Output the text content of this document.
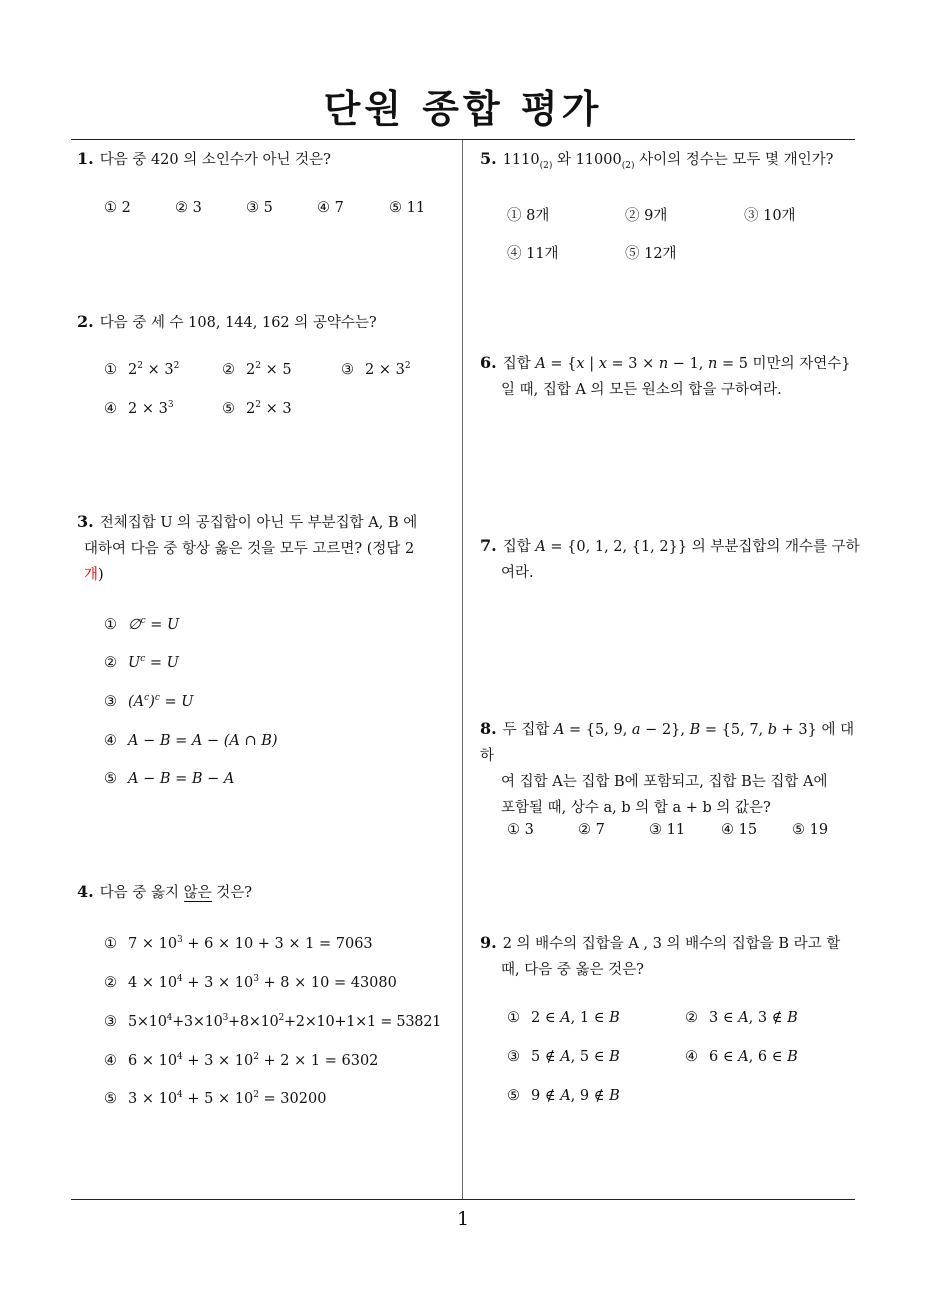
단원 종합 평가
1
1. 다음 중 420 의 소인수가 아닌 것은?
① 2	② 3	③ 5	④ 7	⑤ 11
2. 다음 중 세 수 108, 144, 162 의 공약수는?
① $2^2 \times 3^2$	② $2^2 \times 5$	③ $2 \times 3^2$
④ $2 \times 3^3$	⑤ $2^2 \times 3$
3. 전체집합 U 의 공집합이 아닌 두 부분집합 A, B 에
대하여 다음 중 항상 옳은 것을 모두 고르면? (정답 2
개)
① ∅$^c$ = U
② $U^c = U$
③ $(A^c)^c = U$
④ A − B = A − (A ∩ B)
⑤ A − B = B − A
4. 다음 중 옳지 않은 것은?
① $7 \times 10^3 + 6 \times 10 + 3 \times 1 = 7063$
② $4 \times 10^4 + 3 \times 10^3 + 8 \times 10 = 43080$
③ $5\times 10^4+3\times 10^3+8\times 10^2+2\times 10+1\times 1 = 53821$
④ $6 \times 10^4 + 3 \times 10^2 + 2 \times 1 = 6302$
⑤ $3 \times 10^4 + 5 \times 10^2 = 30200$
5. $1110_{(2)}$ 와 $11000_{(2)}$ 사이의 정수는 모두 몇 개인가?
① 8개	② 9개	③ 10개
④ 11개	⑤ 12개
6. 집합 A = {x | x = 3 × n − 1, n = 5 미만의 자연수}
일 때, 집합 A 의 모든 원소의 합을 구하여라.
7. 집합 A = {0, 1, 2, {1, 2}} 의 부분집합의 개수를 구하
여라.
8. 두 집합 A = {5, 9, a − 2}, B = {5, 7, b + 3} 에 대하
여 집합 A는 집합 B에 포함되고, 집합 B는 집합 A에
포함될 때, 상수 a, b 의 합 a + b 의 값은?
① 3	② 7	③ 11 ④ 15 ⑤ 19
9. 2 의 배수의 집합을 A , 3 의 배수의 집합을 B 라고 할
때, 다음 중 옳은 것은?
① 2 ∈ A, 1 ∈ B	② 3 ∈ A, 3 ∉ B
③ 5 ∉ A, 5 ∈ B	④ 6 ∈ A, 6 ∈ B
⑤ 9 ∉ A, 9 ∉ B
